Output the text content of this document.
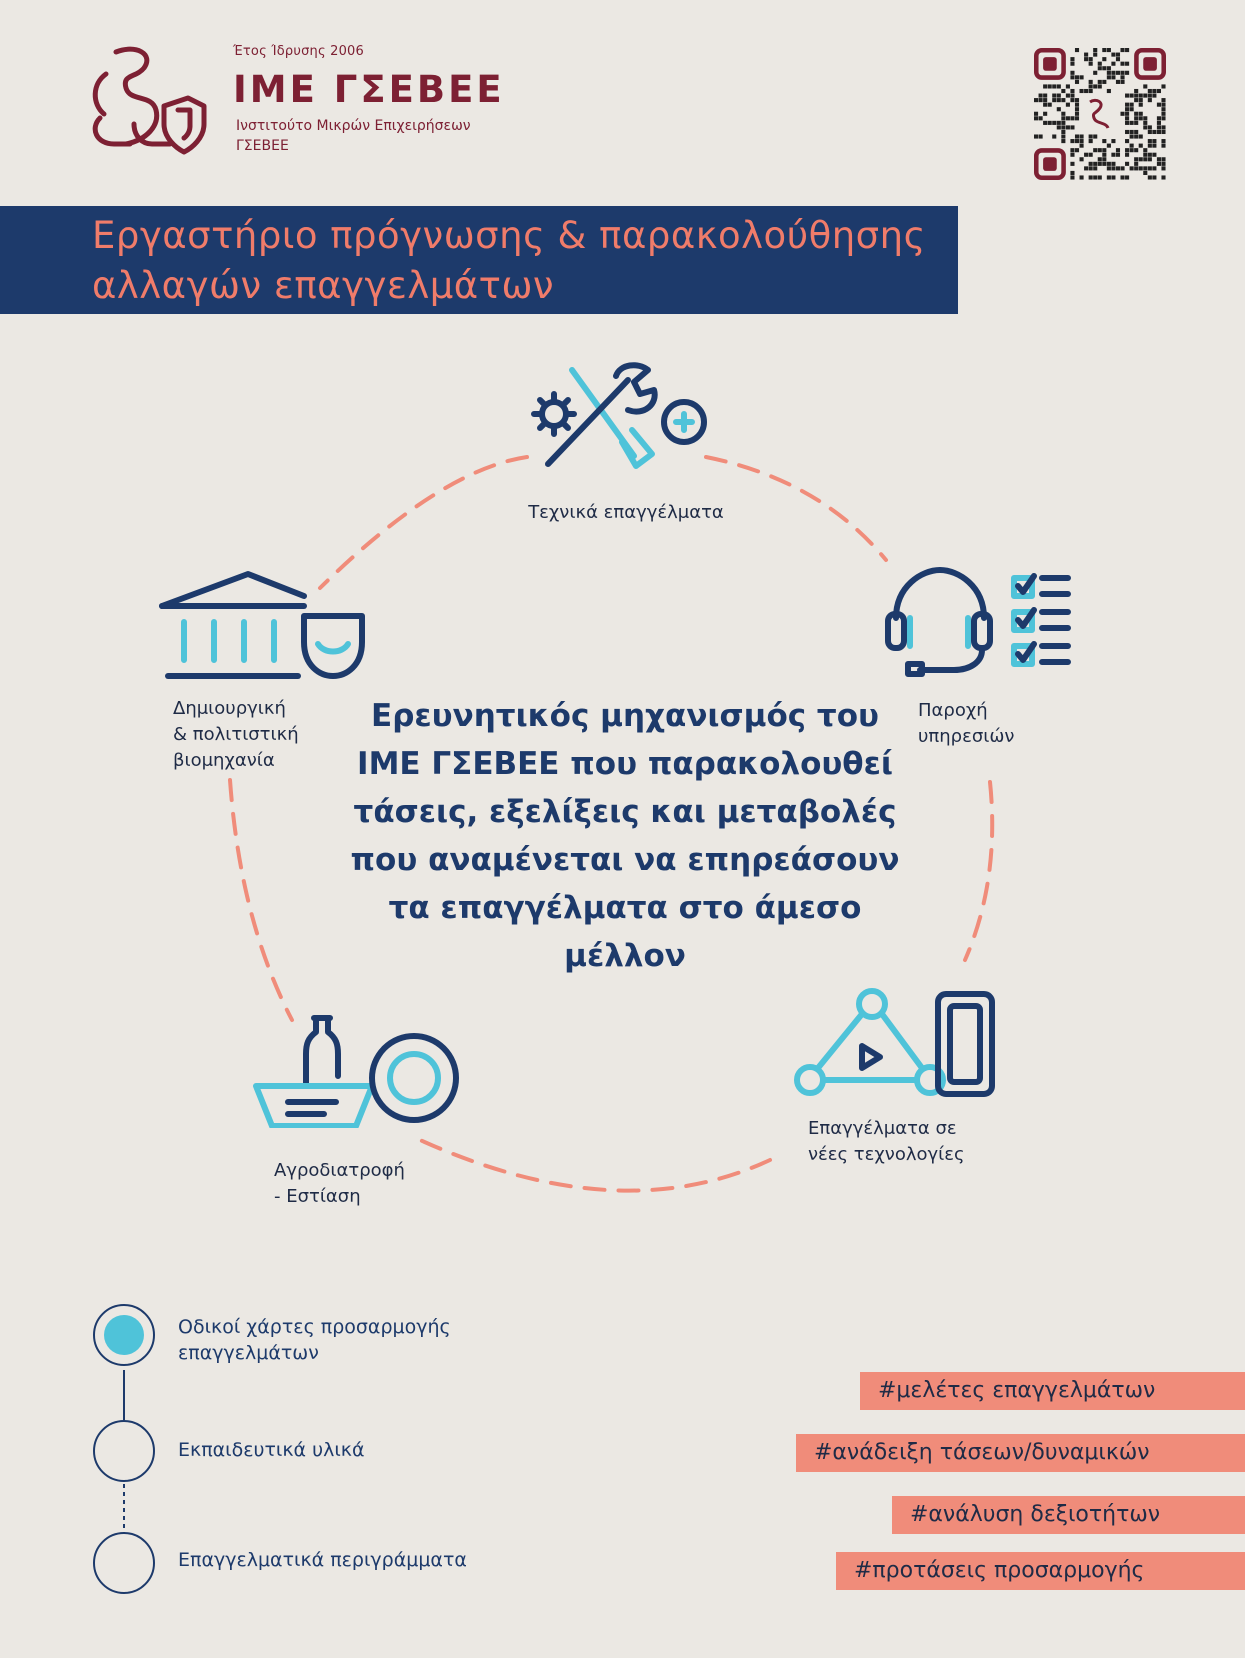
Έτος Ίδρυσης 2006
ΙΜΕ ΓΣΕΒΕΕ
Ινστιτούτο Μικρών Επιχειρήσεων
ΓΣΕΒΕΕ
Εργαστήριο πρόγνωσης & παρακολούθησης
αλλαγών επαγγελμάτων
Τεχνικά επαγγέλματα
Παροχή
υπηρεσιών
Επαγγέλματα σε
νέες τεχνολογίες
Αγροδιατροφή
- Εστίαση
Δημιουργική
& πολιτιστική
βιομηχανία
Ερευνητικός μηχανισμός του
ΙΜΕ ΓΣΕΒΕΕ που παρακολουθεί
τάσεις, εξελίξεις και μεταβολές
που αναμένεται να επηρεάσουν
τα επαγγέλματα στο άμεσο
μέλλον
Οδικοί χάρτες προσαρμογής
επαγγελμάτων
Εκπαιδευτικά υλικά
Επαγγελματικά περιγράμματα
#μελέτες επαγγελμάτων
#ανάδειξη τάσεων/δυναμικών
#ανάλυση δεξιοτήτων
#προτάσεις προσαρμογής
